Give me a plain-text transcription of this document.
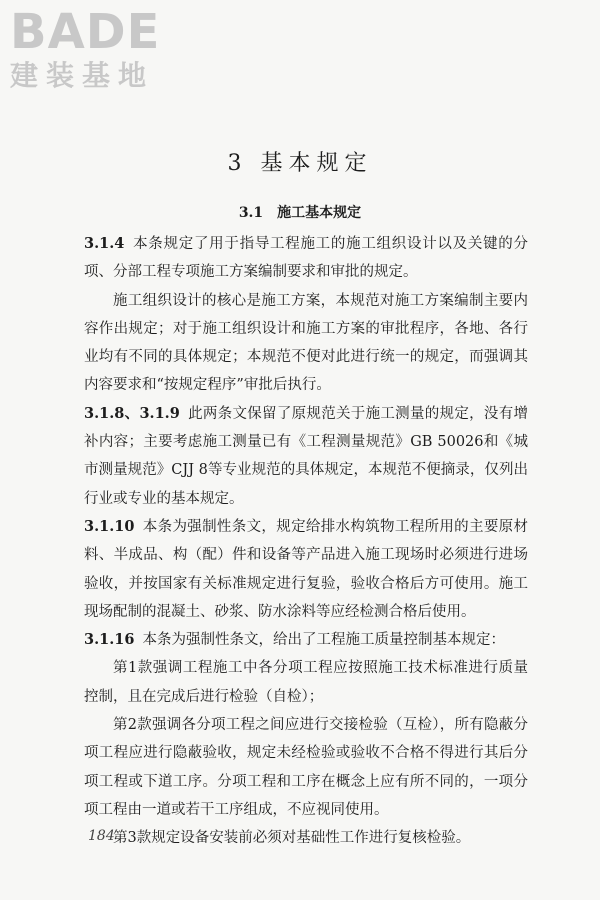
BADE
建装基地
3 基本规定
3.1 施工基本规定

3.1.4 本条规定了用于指导工程施工的施工组织设计以及关键的分项、分部工程专项施工方案编制要求和审批的规定。

施工组织设计的核心是施工方案，本规范对施工方案编制主要内容作出规定；对于施工组织设计和施工方案的审批程序，各地、各行业均有不同的具体规定；本规范不便对此进行统一的规定，而强调其内容要求和“按规定程序”审批后执行。

3.1.8、3.1.9 此两条文保留了原规范关于施工测量的规定，没有增补内容；主要考虑施工测量已有《工程测量规范》GB 50026和《城市测量规范》CJJ 8等专业规范的具体规定，本规范不便摘录，仅列出行业或专业的基本规定。

3.1.10 本条为强制性条文，规定给排水构筑物工程所用的主要原材料、半成品、构（配）件和设备等产品进入施工现场时必须进行进场验收，并按国家有关标准规定进行复验，验收合格后方可使用。施工现场配制的混凝土、砂浆、防水涂料等应经检测合格后使用。

3.1.16 本条为强制性条文，给出了工程施工质量控制基本规定：

第1款强调工程施工中各分项工程应按照施工技术标准进行质量控制，且在完成后进行检验（自检）；

第2款强调各分项工程之间应进行交接检验（互检），所有隐蔽分项工程应进行隐蔽验收，规定未经检验或验收不合格不得进行其后分项工程或下道工序。分项工程和工序在概念上应有所不同的，一项分项工程由一道或若干工序组成，不应视同使用。

第3款规定设备安装前必须对基础性工作进行复核检验。

184
